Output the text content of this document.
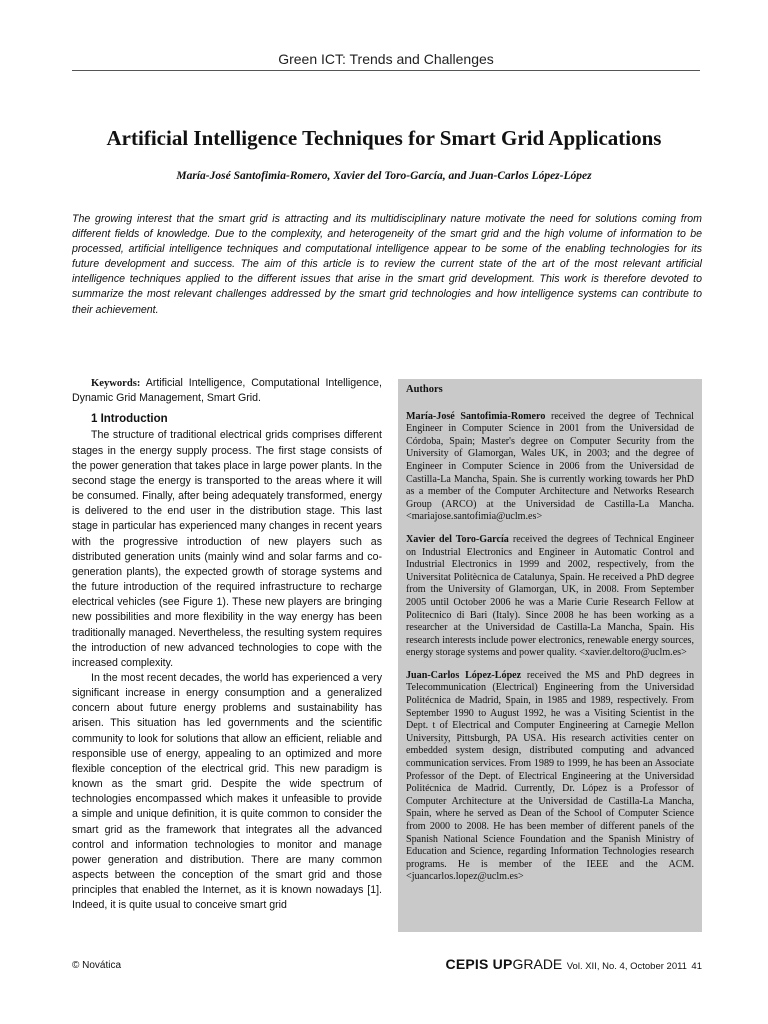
Green ICT: Trends and Challenges
Artificial Intelligence Techniques for Smart Grid Applications

María-José Santofimia-Romero, Xavier del Toro-García, and Juan-Carlos López-López

The growing interest that the smart grid is attracting and its multidisciplinary nature motivate the need for solutions coming from different fields of knowledge. Due to the complexity, and heterogeneity of the smart grid and the high volume of information to be processed, artificial intelligence techniques and computational intelligence appear to be some of the enabling technologies for its future development and success. The aim of this article is to review the current state of the art of the most relevant artificial intelligence techniques applied to the different issues that arise in the smart grid development. This work is therefore devoted to summarize the most relevant challenges addressed by the smart grid technologies and how intelligence systems can contribute to their achievement.

Keywords: Artificial Intelligence, Computational Intelligence, Dynamic Grid Management, Smart Grid.

1 Introduction

The structure of traditional electrical grids comprises different stages in the energy supply process. The first stage consists of the power generation that takes place in large power plants. In the second stage the energy is transported to the areas where it will be consumed. Finally, after being adequately transformed, energy is delivered to the end user in the distribution stage. This last stage in particular has experienced many changes in recent years with the progressive introduction of new players such as distributed generation units (mainly wind and solar farms and co-generation plants), the expected growth of storage systems and the future introduction of the required infrastructure to recharge electrical vehicles (see Figure 1). These new players are bringing new possibilities and more flexibility in the way energy has been traditionally managed. Nevertheless, the resulting system requires the introduction of new advanced technologies to cope with the increased complexity.

In the most recent decades, the world has experienced a very significant increase in energy consumption and a generalized concern about future energy problems and sustainability has arisen. This situation has led governments and the scientific community to look for solutions that allow an efficient, reliable and responsible use of energy, appealing to an optimized and more flexible conception of the electrical grid. This new paradigm is known as the smart grid. Despite the wide spectrum of technologies encompassed which makes it unfeasible to provide a simple and unique definition, it is quite common to consider the smart grid as the framework that integrates all the advanced control and information technologies to monitor and manage power generation and distribution. There are many common aspects between the conception of the smart grid and those principles that enabled the Internet, as it is known nowadays [1]. Indeed, it is quite usual to conceive smart grid

Authors

María-José Santofimia-Romero received the degree of Technical Engineer in Computer Science in 2001 from the Universidad de Córdoba, Spain; Master's degree on Computer Security from the University of Glamorgan, Wales UK, in 2003; and the degree of Engineer in Computer Science in 2006 from the Universidad de Castilla-La Mancha, Spain. She is currently working towards her PhD as a member of the Computer Architecture and Networks Research Group (ARCO) at the Universidad de Castilla-La Mancha. <mariajose.santofimia@uclm.es>

Xavier del Toro-García received the degrees of Technical Engineer on Industrial Electronics and Engineer in Automatic Control and Industrial Electronics in 1999 and 2002, respectively, from the Universitat Politècnica de Catalunya, Spain. He received a PhD degree from the University of Glamorgan, UK, in 2008. From September 2005 until October 2006 he was a Marie Curie Research Fellow at Politecnico di Bari (Italy). Since 2008 he has been working as a researcher at the Universidad de Castilla-La Mancha, Spain. His research interests include power electronics, renewable energy sources, energy storage systems and power quality. <xavier.deltoro@uclm.es>

Juan-Carlos López-López received the MS and PhD degrees in Telecommunication (Electrical) Engineering from the Universidad Politécnica de Madrid, Spain, in 1985 and 1989, respectively. From September 1990 to August 1992, he was a Visiting Scientist in the Dept. t of Electrical and Computer Engineering at Carnegie Mellon University, Pittsburgh, PA USA. His research activities center on embedded system design, distributed computing and advanced communication services. From 1989 to 1999, he has been an Associate Professor of the Dept. of Electrical Engineering at the Universidad Politécnica de Madrid. Currently, Dr. López is a Professor of Computer Architecture at the Universidad de Castilla-La Mancha, Spain, where he served as Dean of the School of Computer Science from 2000 to 2008. He has been member of different panels of the Spanish National Science Foundation and the Spanish Ministry of Education and Science, regarding Information Technologies research programs. He is member of the IEEE and the ACM. <juancarlos.lopez@uclm.es>

© Novática	CEPIS UPGRADE Vol. XII, No. 4, October 2011 41
